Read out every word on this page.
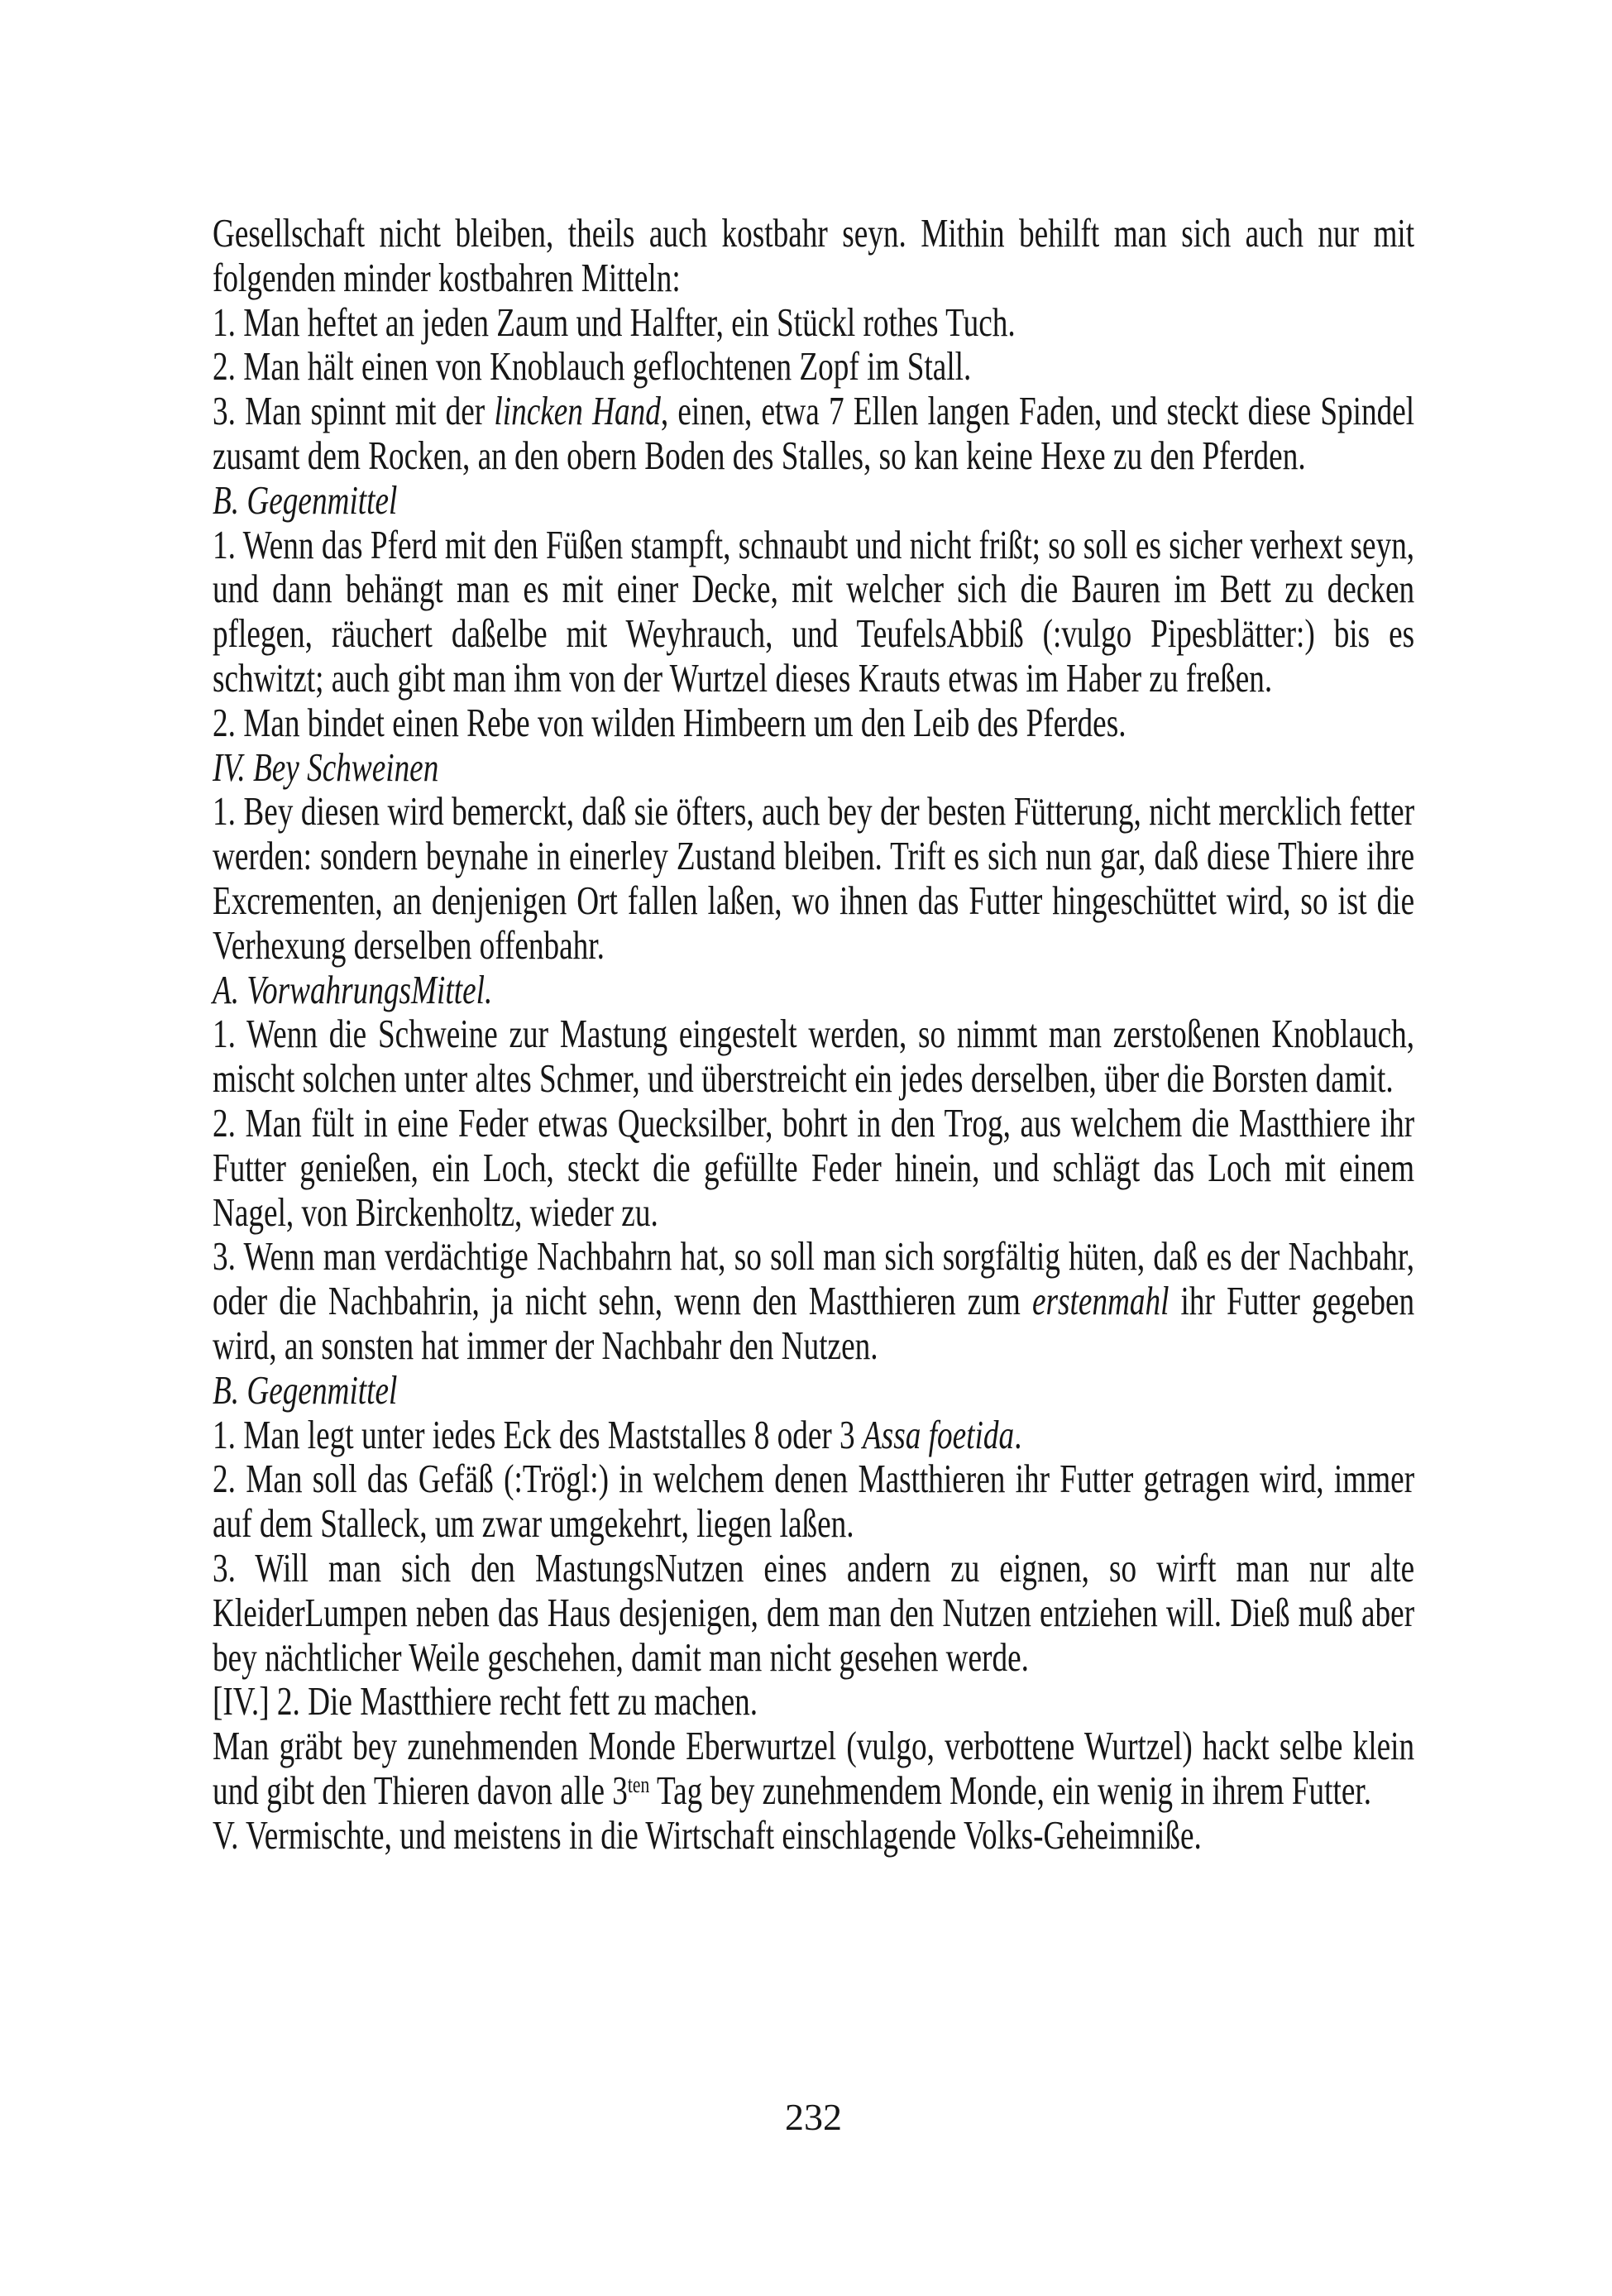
Gesellschaft nicht bleiben, theils auch kostbahr seyn. Mithin behilft man sich auch nur mit folgenden minder kostbahren Mitteln:

1. Man heftet an jeden Zaum und Halfter, ein Stückl rothes Tuch.

2. Man hält einen von Knoblauch geflochtenen Zopf im Stall.

3. Man spinnt mit der lincken Hand, einen, etwa 7 Ellen langen Faden, und steckt diese Spindel zusamt dem Rocken, an den obern Boden des Stalles, so kan keine Hexe zu den Pferden.

B. Gegenmittel

1. Wenn das Pferd mit den Füßen stampft, schnaubt und nicht frißt; so soll es sicher verhext seyn, und dann behängt man es mit einer Decke, mit welcher sich die Bauren im Bett zu decken pflegen, räuchert daßelbe mit Weyhrauch, und TeufelsAbbiß (:vulgo Pipesblätter:) bis es schwitzt; auch gibt man ihm von der Wurtzel dieses Krauts etwas im Haber zu freßen.

2. Man bindet einen Rebe von wilden Himbeern um den Leib des Pferdes.

IV. Bey Schweinen

1. Bey diesen wird bemerckt, daß sie öfters, auch bey der besten Fütterung, nicht mercklich fetter werden: sondern beynahe in einerley Zustand bleiben. Trift es sich nun gar, daß diese Thiere ihre Excrementen, an denjenigen Ort fallen laßen, wo ihnen das Futter hingeschüttet wird, so ist die Verhexung derselben offenbahr.

A. VorwahrungsMittel.

1. Wenn die Schweine zur Mastung eingestelt werden, so nimmt man zerstoßenen Knoblauch, mischt solchen unter altes Schmer, und überstreicht ein jedes derselben, über die Borsten damit.

2. Man fült in eine Feder etwas Quecksilber, bohrt in den Trog, aus welchem die Mastthiere ihr Futter genießen, ein Loch, steckt die gefüllte Feder hinein, und schlägt das Loch mit einem Nagel, von Birckenholtz, wieder zu.

3. Wenn man verdächtige Nachbahrn hat, so soll man sich sorgfältig hüten, daß es der Nachbahr, oder die Nachbahrin, ja nicht sehn, wenn den Mastthieren zum erstenmahl ihr Futter gegeben wird, an sonsten hat immer der Nachbahr den Nutzen.

B. Gegenmittel

1. Man legt unter iedes Eck des Maststalles 8 oder 3 Assa foetida.

2. Man soll das Gefäß (:Trögl:) in welchem denen Mastthieren ihr Futter getragen wird, immer auf dem Stalleck, um zwar umgekehrt, liegen laßen.

3. Will man sich den MastungsNutzen eines andern zu eignen, so wirft man nur alte KleiderLumpen neben das Haus desjenigen, dem man den Nutzen entziehen will. Dieß muß aber bey nächtlicher Weile geschehen, damit man nicht gesehen werde.

[IV.] 2. Die Mastthiere recht fett zu machen.

Man gräbt bey zunehmenden Monde Eberwurtzel (vulgo, verbottene Wurtzel) hackt selbe klein und gibt den Thieren davon alle $3^{ten}$ Tag bey zunehmendem Monde, ein wenig in ihrem Futter.

V. Vermischte, und meistens in die Wirtschaft einschlagende Volks-Geheimniße.

232
